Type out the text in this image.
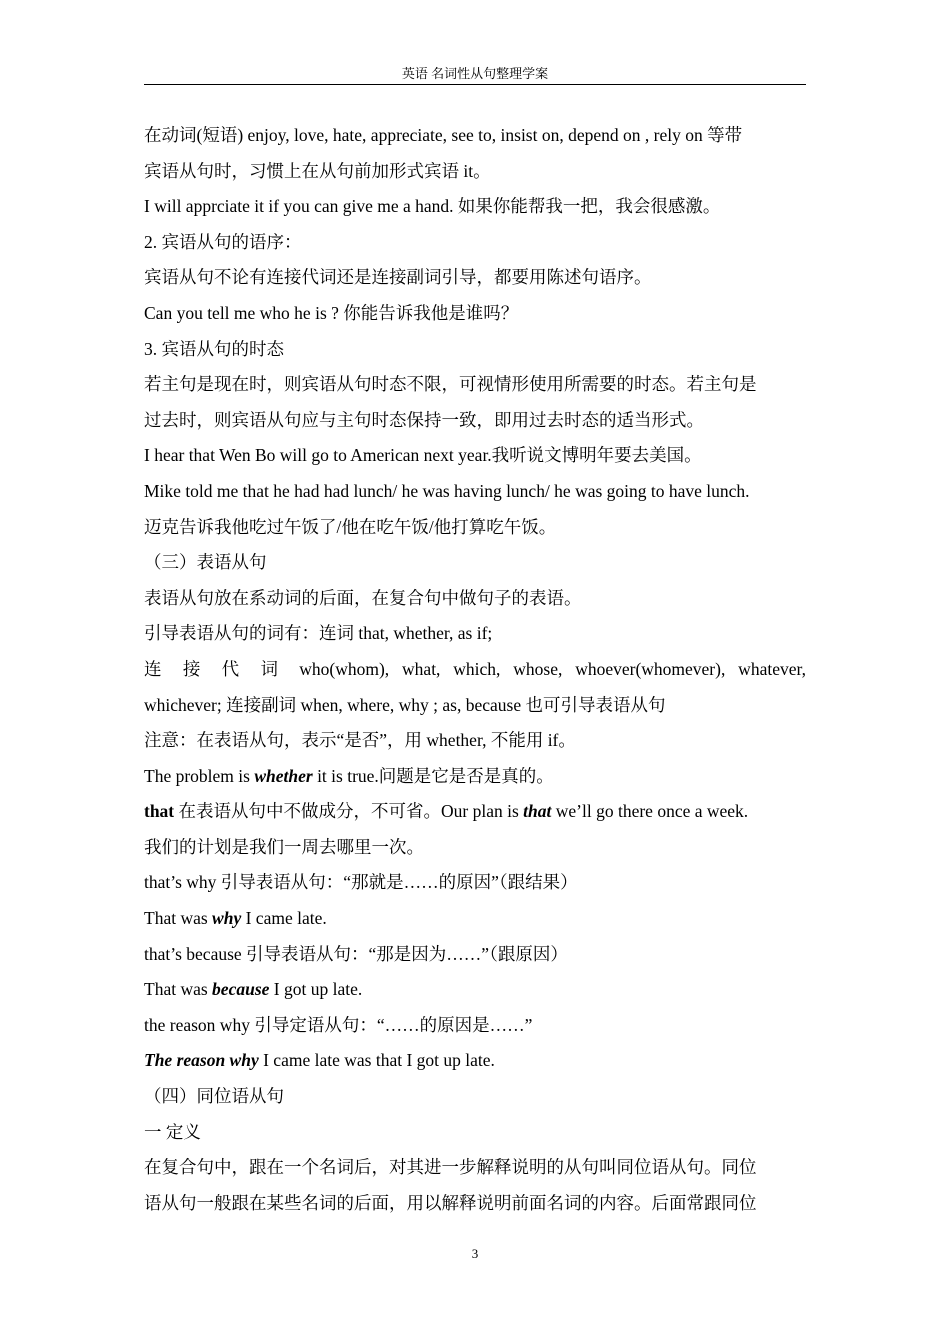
英语 名词性从句整理学案
在动词(短语) enjoy, love, hate, appreciate, see to, insist on, depend on , rely on 等带
宾语从句时，习惯上在从句前加形式宾语 it。
I will apprciate it if you can give me a hand. 如果你能帮我一把，我会很感激。
2. 宾语从句的语序：
宾语从句不论有连接代词还是连接副词引导，都要用陈述句语序。
Can you tell me who he is ? 你能告诉我他是谁吗？
3. 宾语从句的时态
若主句是现在时，则宾语从句时态不限，可视情形使用所需要的时态。若主句是
过去时，则宾语从句应与主句时态保持一致，即用过去时态的适当形式。
I hear that Wen Bo will go to American next year.我听说文博明年要去美国。
Mike told me that he had had lunch/ he was having lunch/ he was going to have lunch.
迈克告诉我他吃过午饭了/他在吃午饭/他打算吃午饭。
（三）表语从句
表语从句放在系动词的后面，在复合句中做句子的表语。
引导表语从句的词有：连词 that, whether, as if;
连 接 代 词 who(whom), what, which, whose, whoever(whomever), whatever,
whichever; 连接副词 when, where, why ; as, because 也可引导表语从句
注意：在表语从句，表示“是否”，用 whether, 不能用 if。
The problem is whether it is true.问题是它是否是真的。
that 在表语从句中不做成分，不可省。Our plan is that we’ll go there once a week.
我们的计划是我们一周去哪里一次。
that’s why 引导表语从句：“那就是……的原因”（跟结果）
That was why I came late.
that’s because 引导表语从句：“那是因为……”（跟原因）
That was because I got up late.
the reason why 引导定语从句：“……的原因是……”
The reason why I came late was that I got up late.
（四）同位语从句
一 定义
在复合句中，跟在一个名词后，对其进一步解释说明的从句叫同位语从句。同位
语从句一般跟在某些名词的后面，用以解释说明前面名词的内容。后面常跟同位
3
